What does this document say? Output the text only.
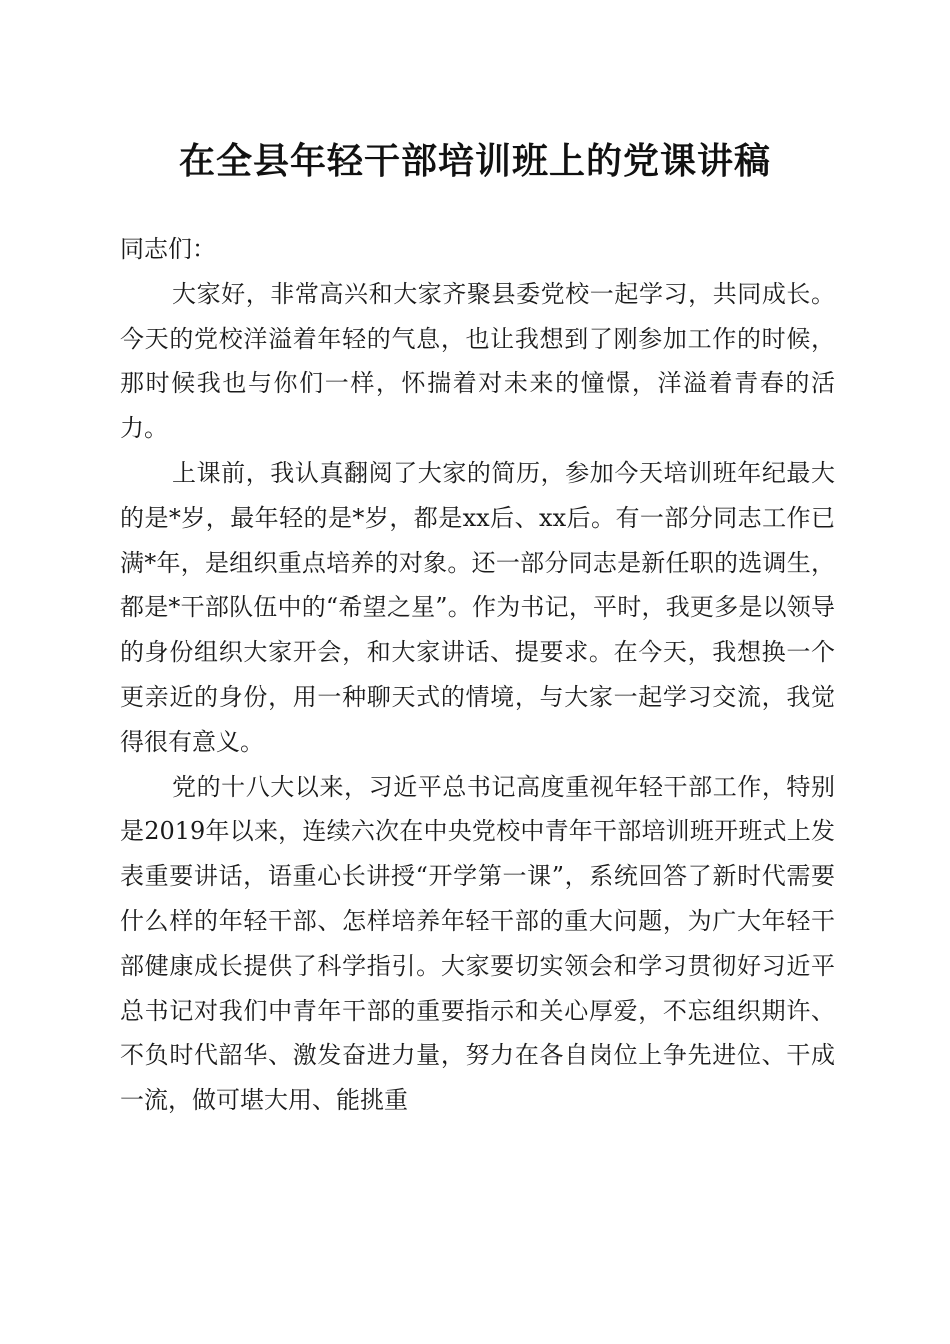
在全县年轻干部培训班上的党课讲稿

同志们：

大家好，非常高兴和大家齐聚县委党校一起学习，共同成长。今天的党校洋溢着年轻的气息，也让我想到了刚参加工作的时候，那时候我也与你们一样，怀揣着对未来的憧憬，洋溢着青春的活力。

上课前，我认真翻阅了大家的简历，参加今天培训班年纪最大的是*岁，最年轻的是*岁，都是xx后、xx后。有一部分同志工作已满*年，是组织重点培养的对象。还一部分同志是新任职的选调生，都是*干部队伍中的“希望之星”。作为书记，平时，我更多是以领导的身份组织大家开会，和大家讲话、提要求。在今天，我想换一个更亲近的身份，用一种聊天式的情境，与大家一起学习交流，我觉得很有意义。

党的十八大以来，习近平总书记高度重视年轻干部工作，特别是2019年以来，连续六次在中央党校中青年干部培训班开班式上发表重要讲话，语重心长讲授“开学第一课”，系统回答了新时代需要什么样的年轻干部、怎样培养年轻干部的重大问题，为广大年轻干部健康成长提供了科学指引。大家要切实领会和学习贯彻好习近平总书记对我们中青年干部的重要指示和关心厚爱，不忘组织期许、不负时代韶华、激发奋进力量，努力在各自岗位上争先进位、干成一流，做可堪大用、能挑重
